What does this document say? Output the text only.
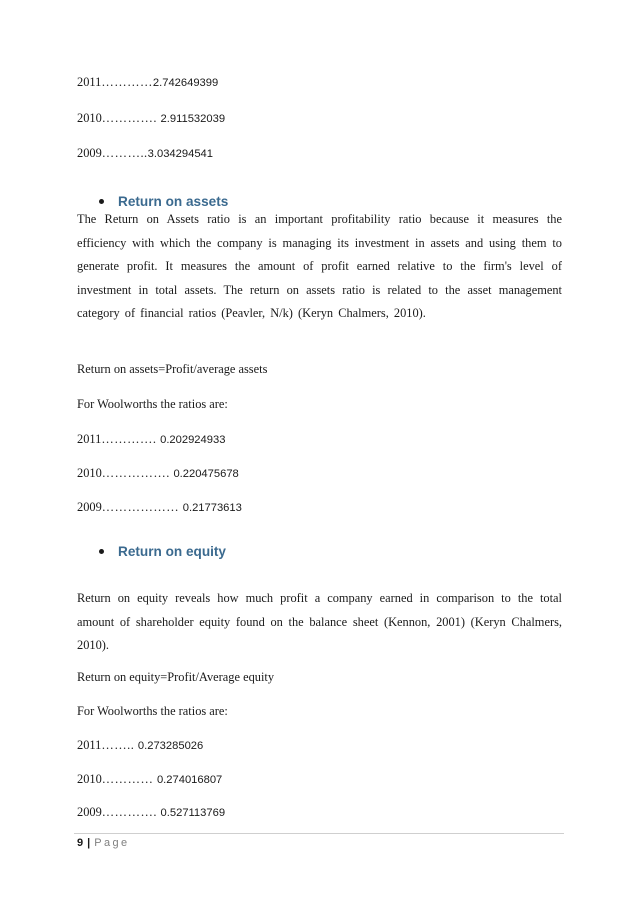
2011…………2.742649399
2010…………. 2.911532039
2009………..3.034294541
Return on assets
The Return on Assets ratio is an important profitability ratio because it measures the efficiency with which the company is managing its investment in assets and using them to generate profit. It measures the amount of profit earned relative to the firm's level of investment in total assets. The return on assets ratio is related to the asset management category of financial ratios (Peavler, N/k) (Keryn Chalmers, 2010).
Return on assets=Profit/average assets
For Woolworths the ratios are:
2011…………. 0.202924933
2010……………. 0.220475678
2009……………… 0.21773613
Return on equity
Return on equity reveals how much profit a company earned in comparison to the total amount of shareholder equity found on the balance sheet (Kennon, 2001) (Keryn Chalmers, 2010).
Return on equity=Profit/Average equity
For Woolworths the ratios are:
2011…….. 0.273285026
2010………… 0.274016807
2009…………. 0.527113769
9 | Page
